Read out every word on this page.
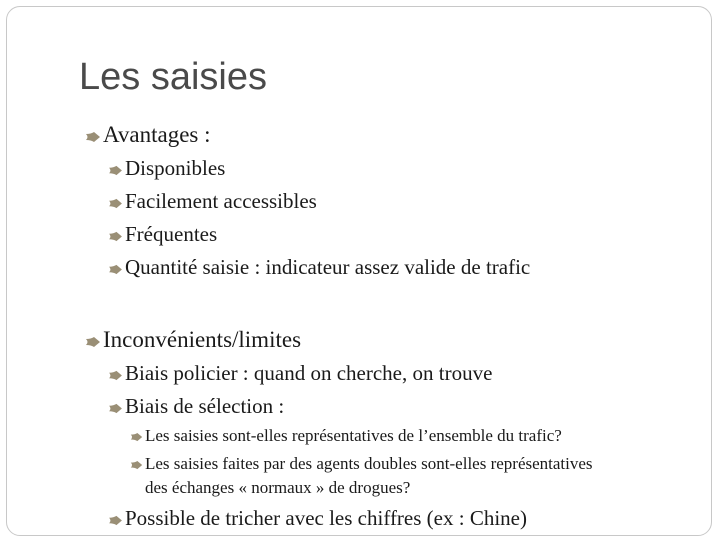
Les saisies
Avantages :
Disponibles
Facilement accessibles
Fréquentes
Quantité saisie : indicateur assez valide de trafic
Inconvénients/limites
Biais policier : quand on cherche, on trouve
Biais de sélection :
Les saisies sont-elles représentatives de l’ensemble du trafic?
Les saisies faites par des agents doubles sont-elles représentatives
des échanges « normaux » de drogues?
Possible de tricher avec les chiffres (ex : Chine)
